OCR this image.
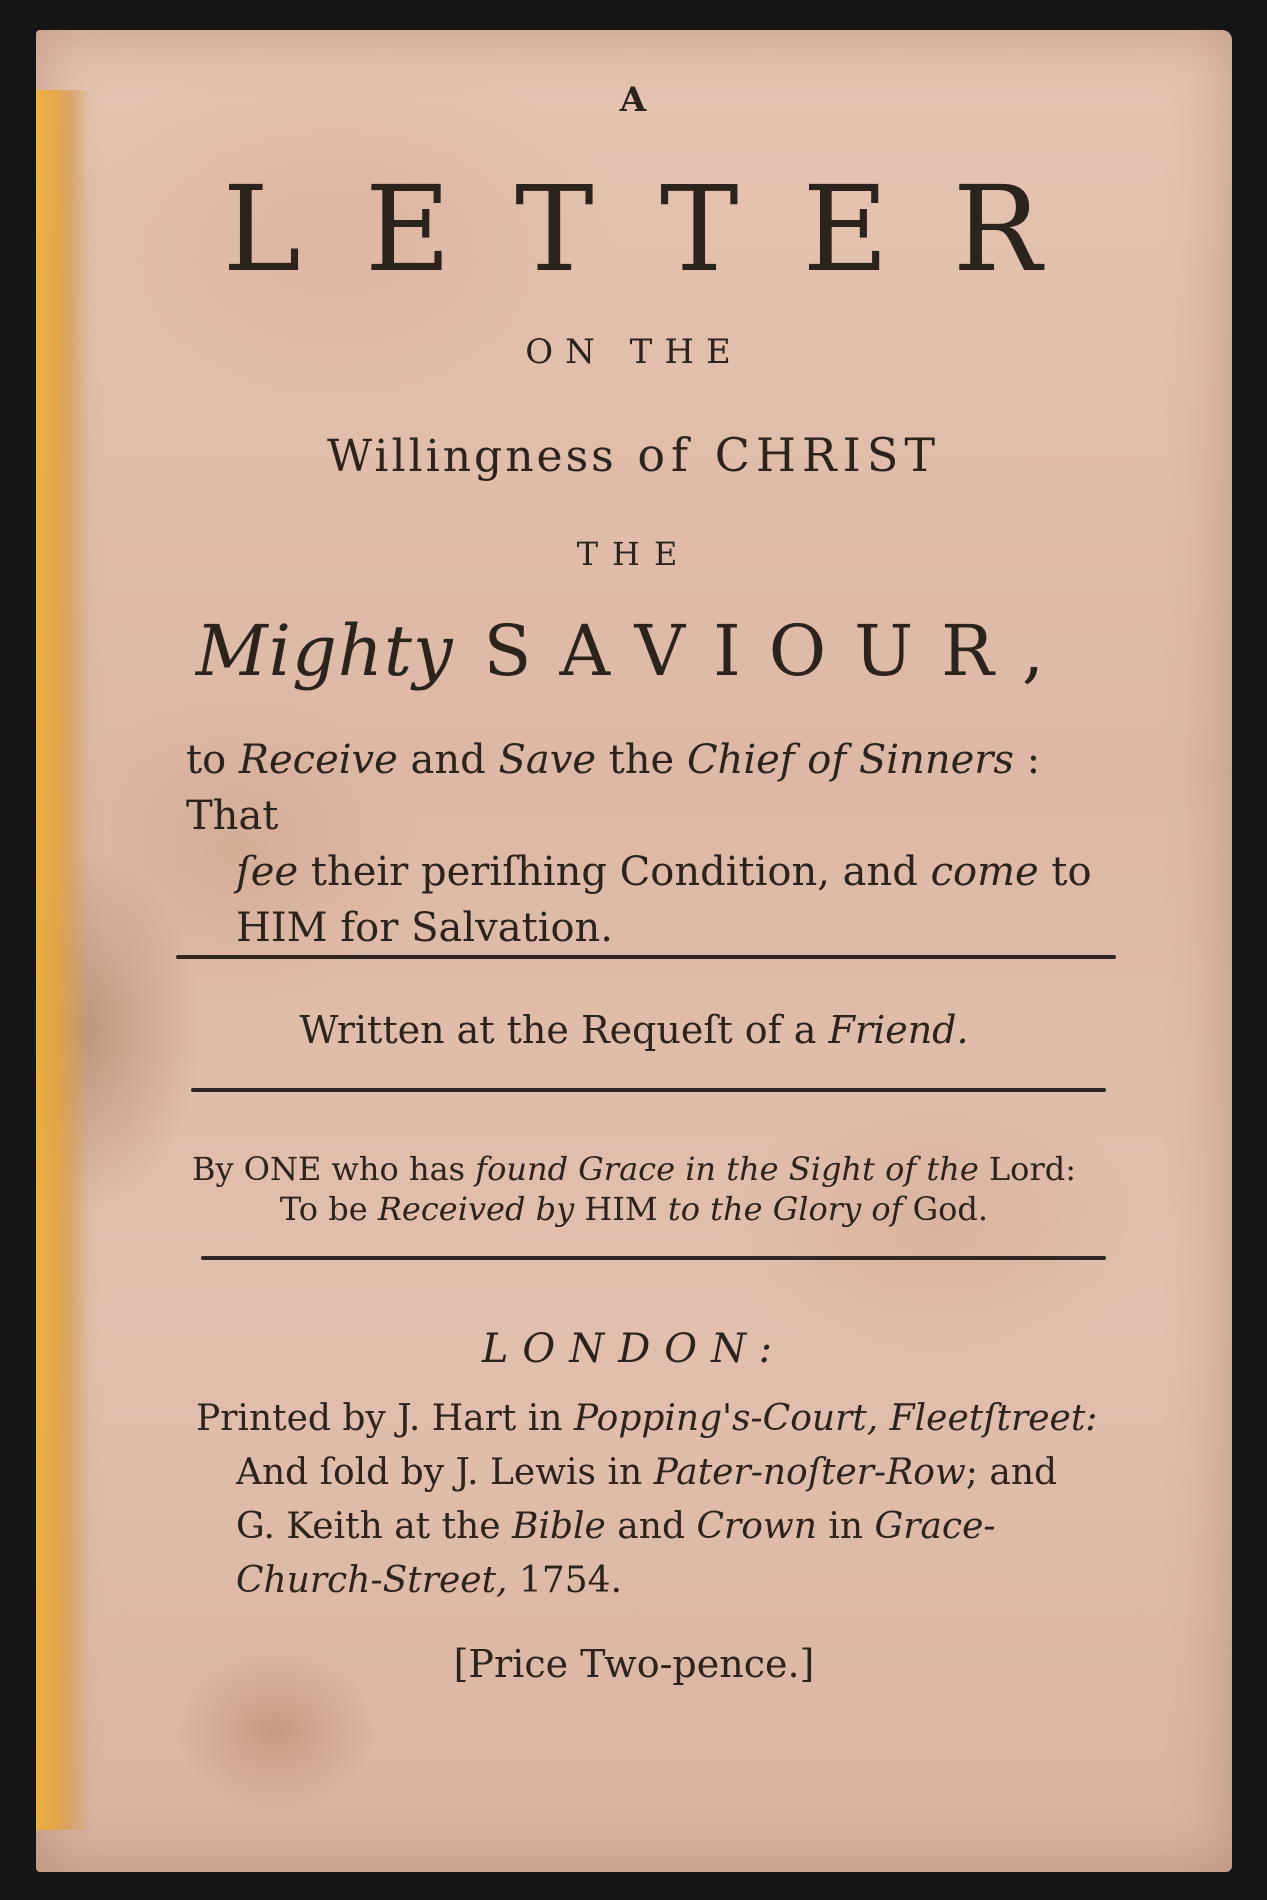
A
LETTER
ON THE
Willingness of CHRIST
THE
Mighty SAVIOUR,
to Receive and Save the Chief of Sinners : That
ſee their periſhing Condition, and come to
HIM for Salvation.
Written at the Requeſt of a Friend.
By ONE who has found Grace in the Sight of the Lord:
To be Received by HIM to the Glory of God.
LONDON:
Printed by J. Hart in Popping's-Court, Fleetſtreet:
And ſold by J. Lewis in Pater-noſter-Row; and
G. Keith at the Bible and Crown in Grace-
Church-Street, 1754.
[Price Two-pence.]
